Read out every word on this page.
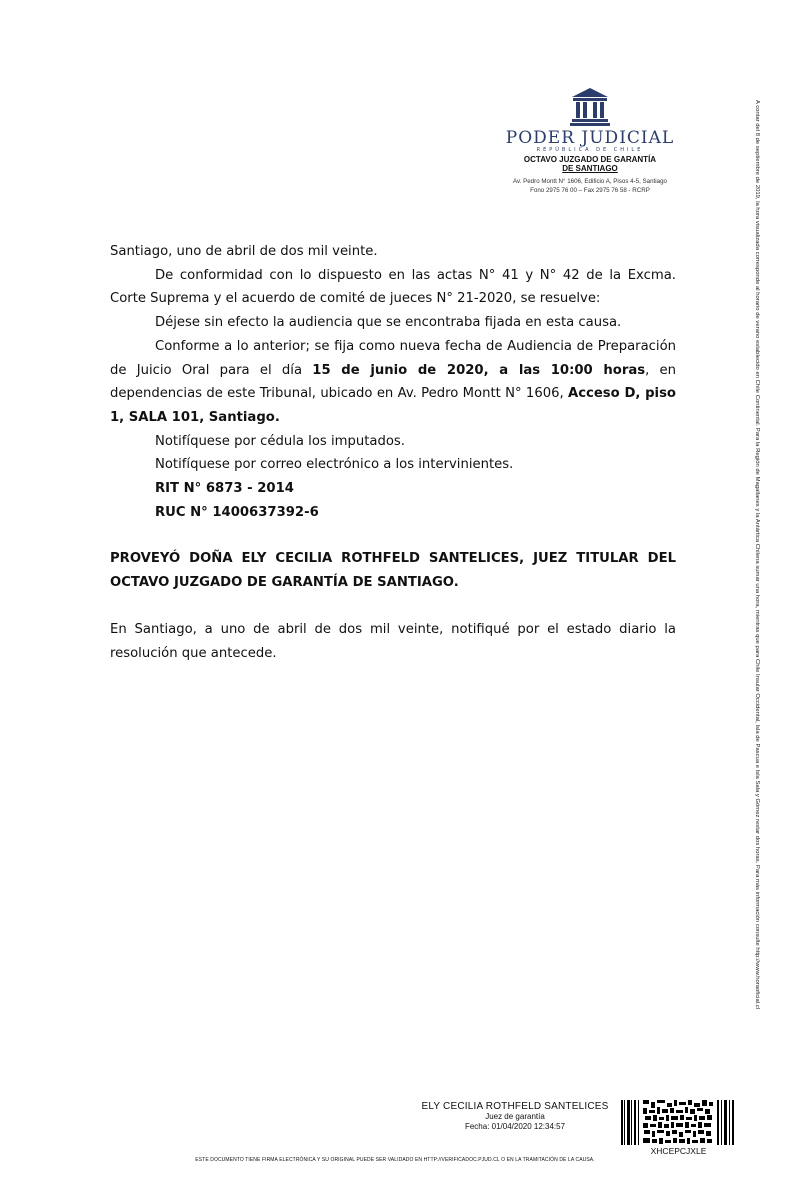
PODER JUDICIAL
REPÚBLICA DE CHILE
OCTAVO JUZGADO DE GARANTÍA
DE SANTIAGO
Av. Pedro Montt N° 1606, Edificio A, Pisos 4-5, Santiago
Fono 2975 76 00 – Fax 2975 76 58 - RCRP

Santiago, uno de abril de dos mil veinte.

De conformidad con lo dispuesto en las actas N° 41 y N° 42 de la Excma. Corte Suprema y el acuerdo de comité de jueces N° 21-2020, se resuelve:

Déjese sin efecto la audiencia que se encontraba fijada en esta causa.

Conforme a lo anterior; se fija como nueva fecha de Audiencia de Preparación de Juicio Oral para el día 15 de junio de 2020, a las 10:00 horas, en dependencias de este Tribunal, ubicado en Av. Pedro Montt N° 1606, Acceso D, piso 1, SALA 101, Santiago.

Notifíquese por cédula los imputados.

Notifíquese por correo electrónico a los intervinientes.

RIT N° 6873 - 2014

RUC N° 1400637392-6

PROVEYÓ DOÑA ELY CECILIA ROTHFELD SANTELICES, JUEZ TITULAR DEL OCTAVO JUZGADO DE GARANTÍA DE SANTIAGO.

En Santiago, a uno de abril de dos mil veinte, notifiqué por el estado diario la resolución que antecede.	A contar del 8 de septiembre de 2019, la hora visualizada corresponde al horario de verano establecido en Chile Continental. Para la Región de Magallanes y la Antártica Chilena sumar una hora, mientras que para Chile Insular Occidental, Isla de Pascua e Isla Sala y Gómez restar dos horas. Para más información consulte http://www.horaoficial.cl
ELY CECILIA ROTHFELD SANTELICES
Juez de garantía
Fecha: 01/04/2020 12:34:57
XHCEPCJXLE
ESTE DOCUMENTO TIENE FIRMA ELECTRÓNICA Y SU ORIGINAL PUEDE SER VALIDADO EN HTTP://VERIFICADOC.PJUD.CL O EN LA TRAMITACIÓN DE LA CAUSA.
